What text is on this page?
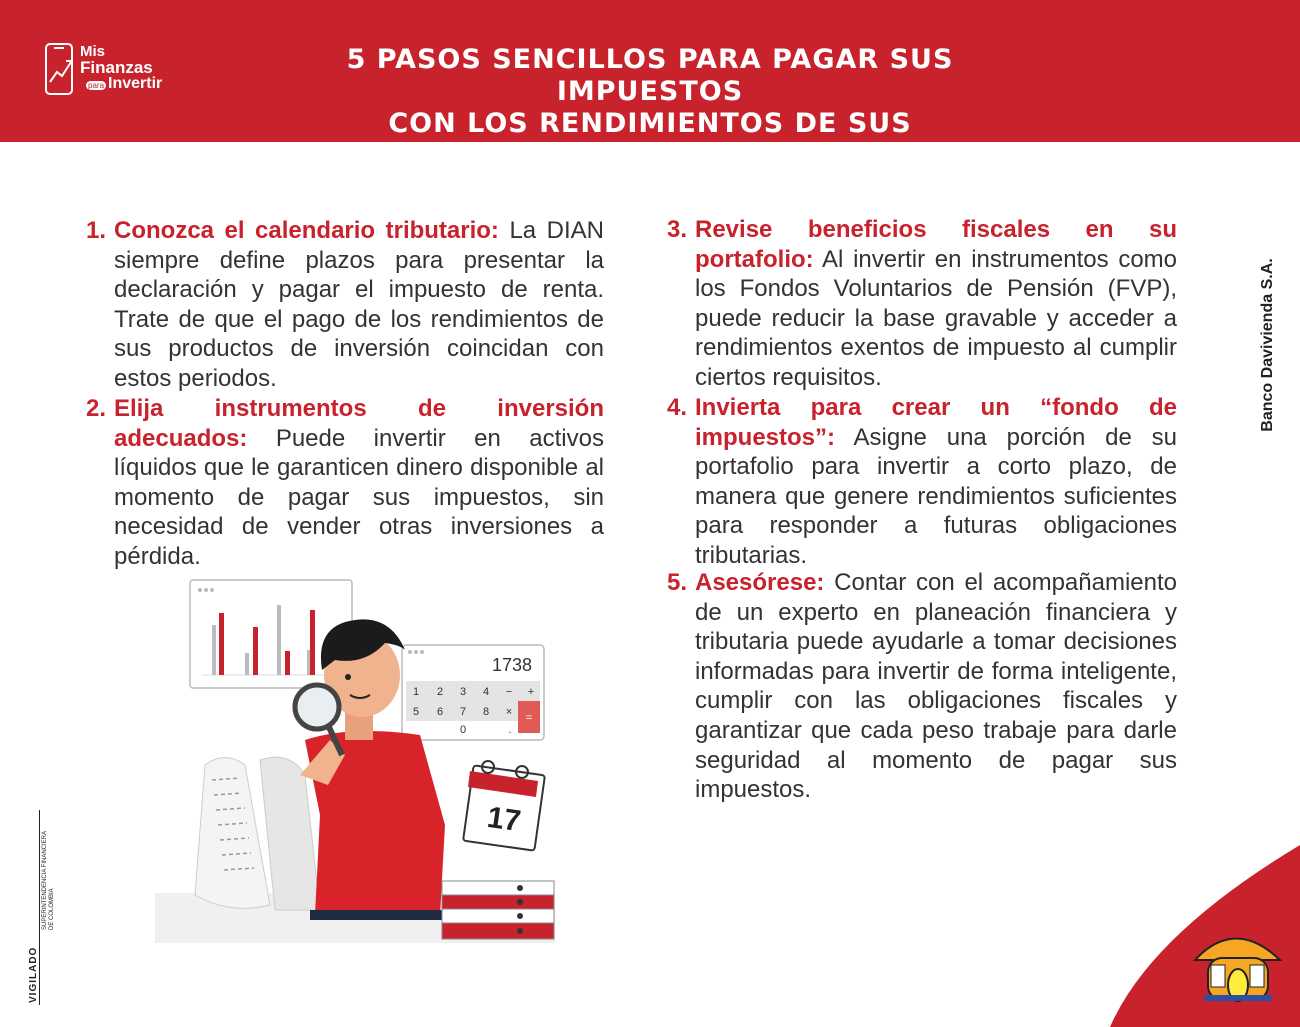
Mis
Finanzas
para Invertir
5 PASOS SENCILLOS PARA PAGAR SUS IMPUESTOS
CON LOS RENDIMIENTOS DE SUS INVERSIONES
1. Conozca el calendario tributario: La DIAN siempre define plazos para presentar la declaración y pagar el impuesto de renta. Trate de que el pago de los rendimientos de sus productos de inversión coincidan con estos periodos.
2. Elija instrumentos de inversión adecuados: Puede invertir en activos líquidos que le garanticen dinero disponible al momento de pagar sus impuestos, sin necesidad de vender otras inversiones a pérdida.
3. Revise beneficios fiscales en su portafolio: Al invertir en instrumentos como los Fondos Voluntarios de Pensión (FVP), puede reducir la base gravable y acceder a rendimientos exentos de impuesto al cumplir ciertos requisitos.
4. Invierta para crear un “fondo de impuestos”: Asigne una porción de su portafolio para invertir a corto plazo, de manera que genere rendimientos suficientes para responder a futuras obligaciones tributarias.
5. Asesórese: Contar con el acompañamiento de un experto en planeación financiera y tributaria puede ayudarle a tomar decisiones informadas para invertir de forma inteligente, cumplir con las obligaciones fiscales y garantizar que cada peso trabaje para darle seguridad al momento de pagar sus impuestos.
1738
1 2 3 4 − +
5 6 7 8 × =
0	.
17
Banco Davivienda S.A.
VIGILADO
SUPERINTENDENCIA FINANCIERA
DE COLOMBIA
